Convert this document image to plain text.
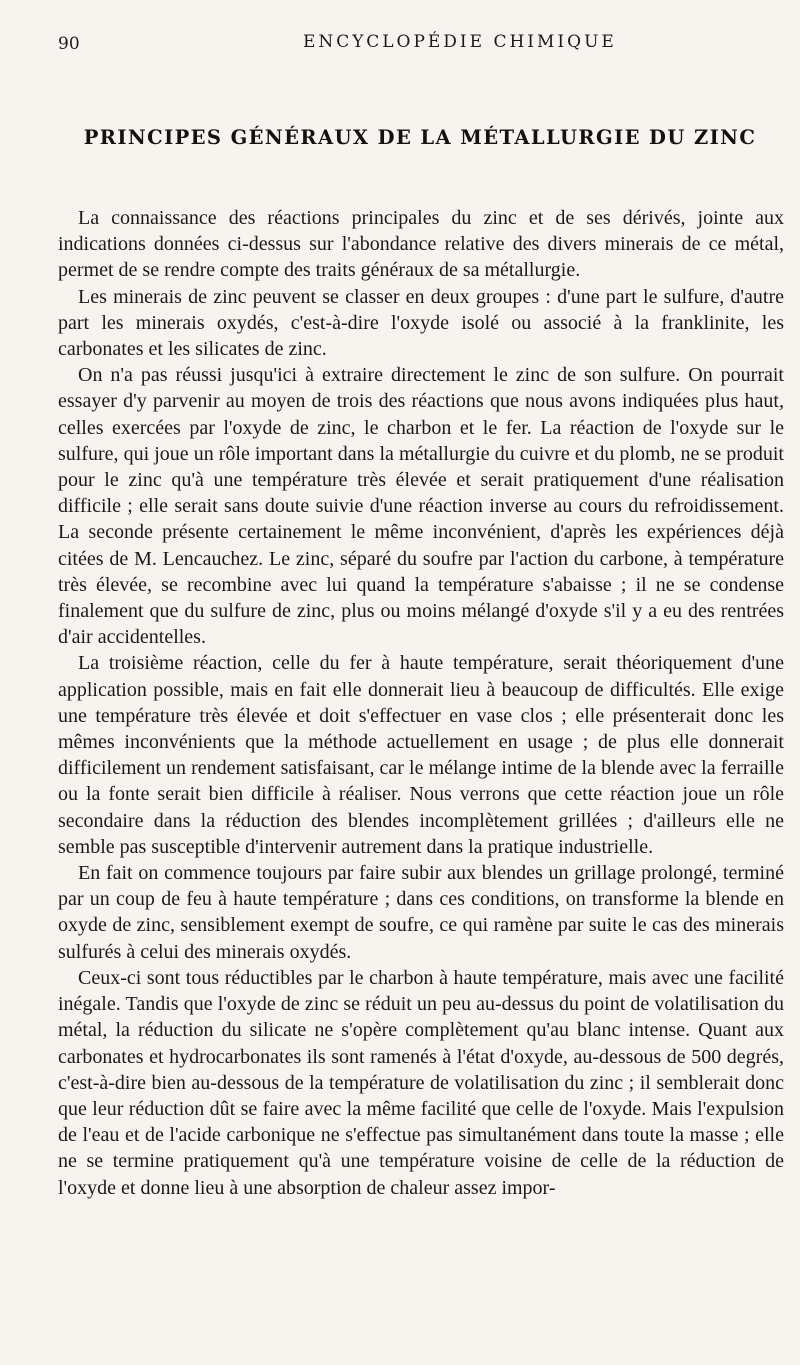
90	ENCYCLOPÉDIE CHIMIQUE
PRINCIPES GÉNÉRAUX DE LA MÉTALLURGIE DU ZINC

La connaissance des réactions principales du zinc et de ses dérivés, jointe aux indications données ci-dessus sur l'abondance relative des divers minerais de ce métal, permet de se rendre compte des traits généraux de sa métallurgie.

Les minerais de zinc peuvent se classer en deux groupes : d'une part le sulfure, d'autre part les minerais oxydés, c'est-à-dire l'oxyde isolé ou associé à la franklinite, les carbonates et les silicates de zinc.

On n'a pas réussi jusqu'ici à extraire directement le zinc de son sulfure. On pourrait essayer d'y parvenir au moyen de trois des réactions que nous avons indiquées plus haut, celles exercées par l'oxyde de zinc, le charbon et le fer. La réaction de l'oxyde sur le sulfure, qui joue un rôle important dans la métallurgie du cuivre et du plomb, ne se produit pour le zinc qu'à une température très élevée et serait pratiquement d'une réalisation difficile ; elle serait sans doute suivie d'une réaction inverse au cours du refroidissement. La seconde présente certainement le même inconvénient, d'après les expériences déjà citées de M. Lencauchez. Le zinc, séparé du soufre par l'action du carbone, à température très élevée, se recombine avec lui quand la température s'abaisse ; il ne se condense finalement que du sulfure de zinc, plus ou moins mélangé d'oxyde s'il y a eu des rentrées d'air accidentelles.

La troisième réaction, celle du fer à haute température, serait théoriquement d'une application possible, mais en fait elle donnerait lieu à beaucoup de difficultés. Elle exige une température très élevée et doit s'effectuer en vase clos ; elle présenterait donc les mêmes inconvénients que la méthode actuellement en usage ; de plus elle donnerait difficilement un rendement satisfaisant, car le mélange intime de la blende avec la ferraille ou la fonte serait bien difficile à réaliser. Nous verrons que cette réaction joue un rôle secondaire dans la réduction des blendes incomplètement grillées ; d'ailleurs elle ne semble pas susceptible d'intervenir autrement dans la pratique industrielle.

En fait on commence toujours par faire subir aux blendes un grillage prolongé, terminé par un coup de feu à haute température ; dans ces conditions, on transforme la blende en oxyde de zinc, sensiblement exempt de soufre, ce qui ramène par suite le cas des minerais sulfurés à celui des minerais oxydés.

Ceux-ci sont tous réductibles par le charbon à haute température, mais avec une facilité inégale. Tandis que l'oxyde de zinc se réduit un peu au-dessus du point de volatilisation du métal, la réduction du silicate ne s'opère complètement qu'au blanc intense. Quant aux carbonates et hydrocarbonates ils sont ramenés à l'état d'oxyde, au-dessous de 500 degrés, c'est-à-dire bien au-dessous de la température de volatilisation du zinc ; il semblerait donc que leur réduction dût se faire avec la même facilité que celle de l'oxyde. Mais l'expulsion de l'eau et de l'acide carbonique ne s'effectue pas simultanément dans toute la masse ; elle ne se termine pratiquement qu'à une température voisine de celle de la réduction de l'oxyde et donne lieu à une absorption de chaleur assez impor-
